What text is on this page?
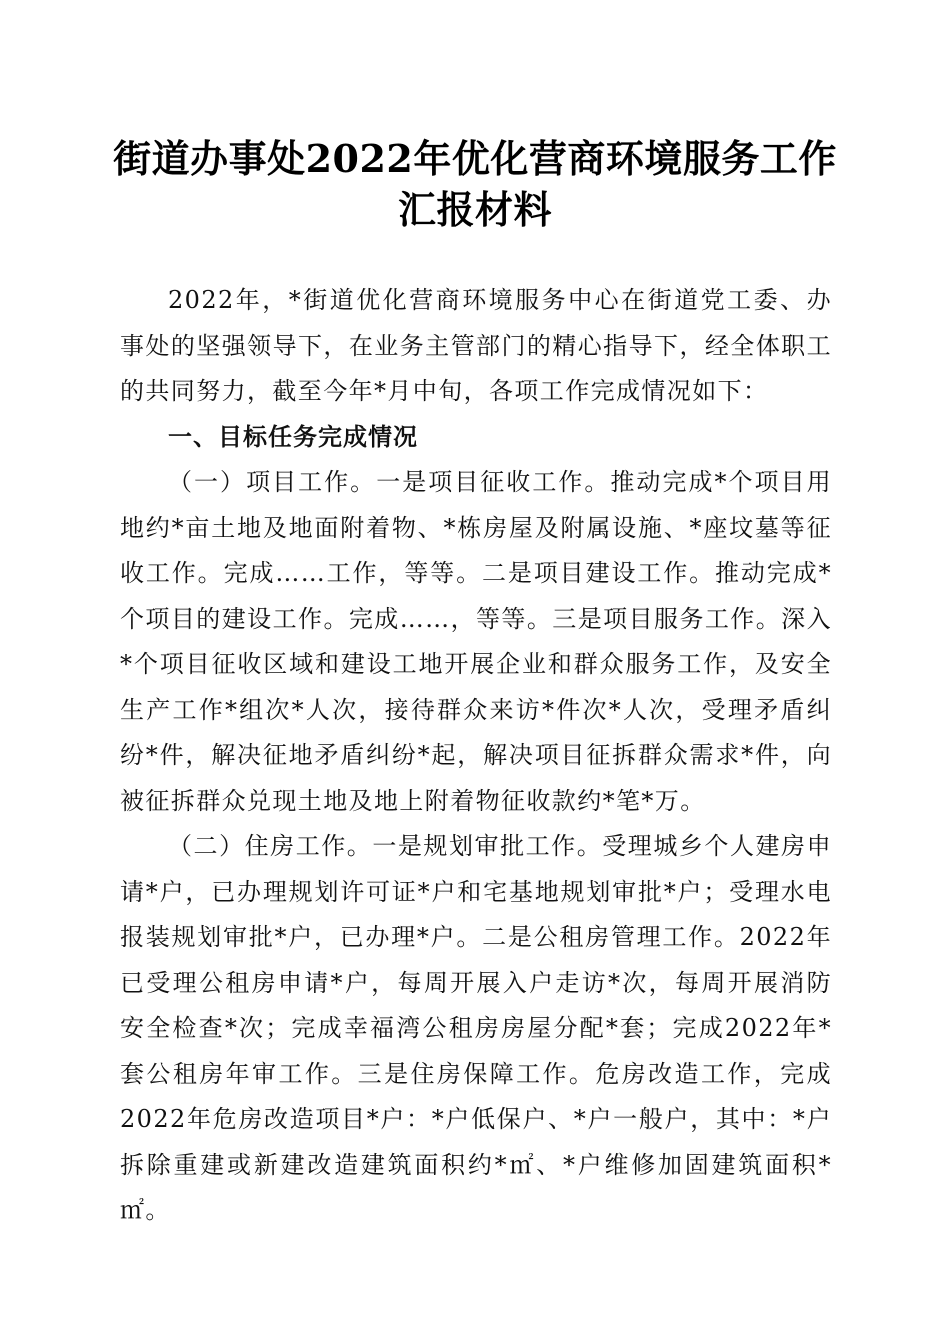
街道办事处2022年优化营商环境服务工作汇报材料

2022年，*街道优化营商环境服务中心在街道党工委、办事处的坚强领导下，在业务主管部门的精心指导下，经全体职工的共同努力，截至今年*月中旬，各项工作完成情况如下：

一、目标任务完成情况

（一）项目工作。一是项目征收工作。推动完成*个项目用地约*亩土地及地面附着物、*栋房屋及附属设施、*座坟墓等征收工作。完成……工作，等等。二是项目建设工作。推动完成*个项目的建设工作。完成……，等等。三是项目服务工作。深入*个项目征收区域和建设工地开展企业和群众服务工作，及安全生产工作*组次*人次，接待群众来访*件次*人次，受理矛盾纠纷*件，解决征地矛盾纠纷*起，解决项目征拆群众需求*件，向被征拆群众兑现土地及地上附着物征收款约*笔*万。

（二）住房工作。一是规划审批工作。受理城乡个人建房申请*户，已办理规划许可证*户和宅基地规划审批*户；受理水电报装规划审批*户，已办理*户。二是公租房管理工作。2022年已受理公租房申请*户，每周开展入户走访*次，每周开展消防安全检查*次；完成幸福湾公租房房屋分配*套；完成2022年*套公租房年审工作。三是住房保障工作。危房改造工作，完成2022年危房改造项目*户：*户低保户、*户一般户，其中：*户拆除重建或新建改造建筑面积约*㎡、*户维修加固建筑面积*㎡。
